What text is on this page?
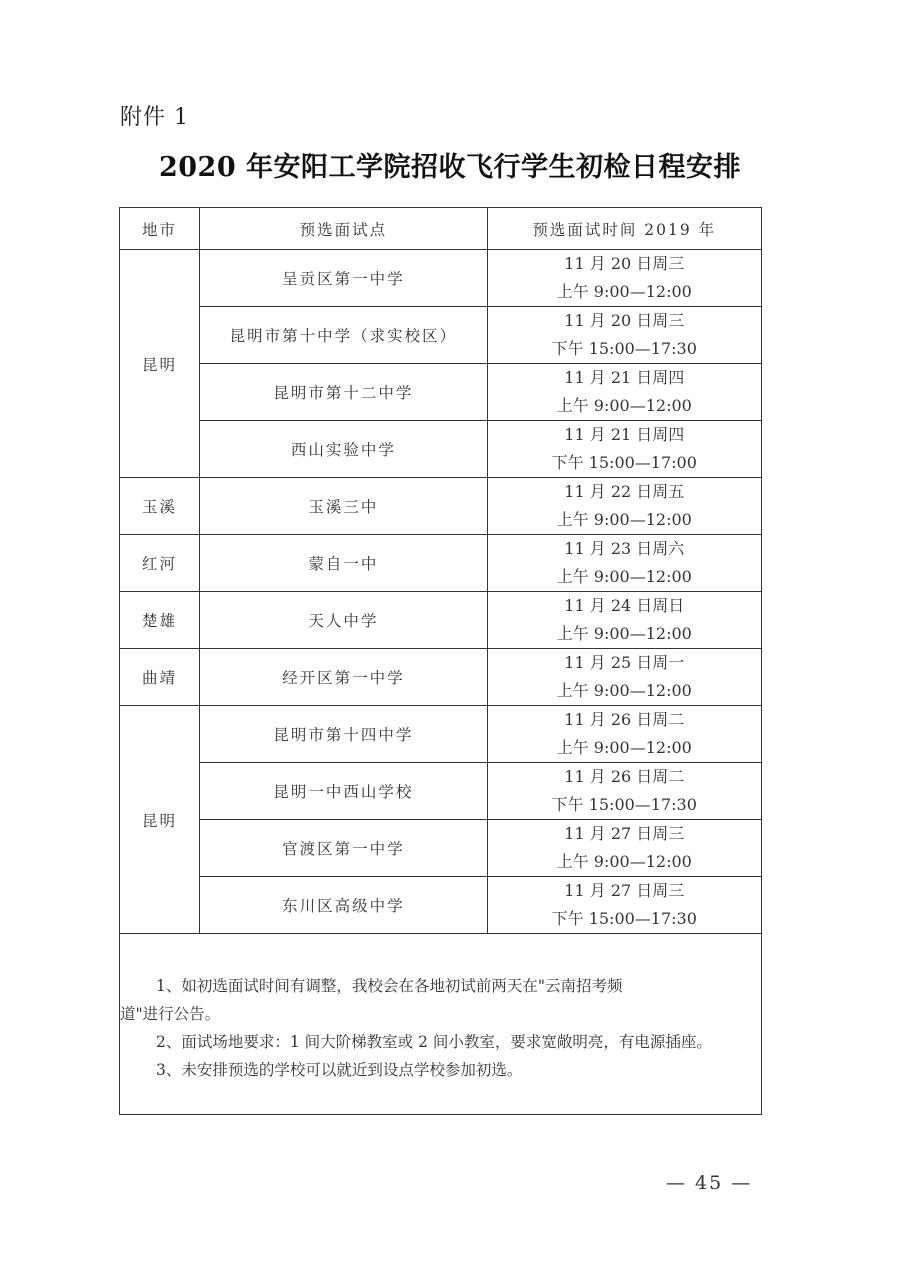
附件 1
2020 年安阳工学院招收飞行学生初检日程安排
地市	预选面试点	预选面试时间 2019 年
昆明	呈贡区第一中学	11 月 20 日周三
上午 9:00—12:00

	昆明市第十中学（求实校区）	11 月 20 日周三
下午 15:00—17:30

	昆明市第十二中学	11 月 21 日周四
上午 9:00—12:00

	西山实验中学	11 月 21 日周四
下午 15:00—17:00

玉溪	玉溪三中	11 月 22 日周五
上午 9:00—12:00

红河	蒙自一中	11 月 23 日周六
上午 9:00—12:00

楚雄	天人中学	11 月 24 日周日
上午 9:00—12:00

曲靖	经开区第一中学	11 月 25 日周一
上午 9:00—12:00

昆明	昆明市第十四中学	11 月 26 日周二
上午 9:00—12:00

	昆明一中西山学校	11 月 26 日周二
下午 15:00—17:30

	官渡区第一中学	11 月 27 日周三
上午 9:00—12:00

	东川区高级中学	11 月 27 日周三
下午 15:00—17:30

1、如初选面试时间有调整，我校会在各地初试前两天在"云南招考频
道"进行公告。
2、面试场地要求：1 间大阶梯教室或 2 间小教室，要求宽敞明亮，有电源插座。
3、未安排预选的学校可以就近到设点学校参加初选。		
— 45 —
